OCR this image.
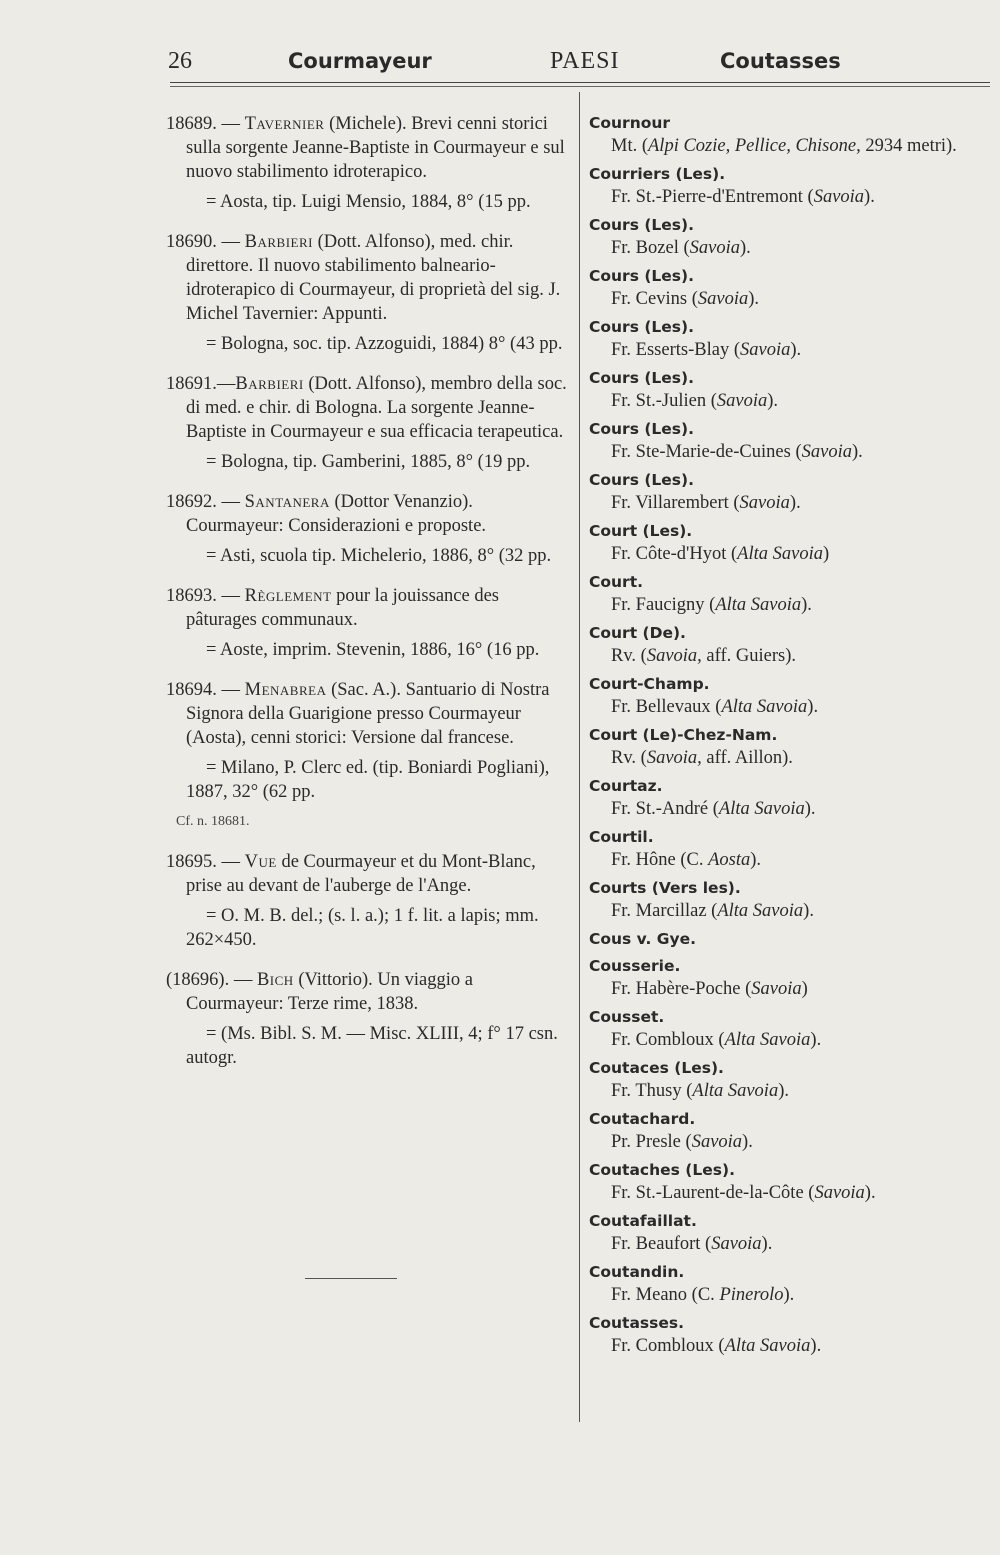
26	Courmayeur	PAESI	Coutasses
18689. — Tavernier (Michele). Brevi cenni storici sulla sorgente Jeanne-Baptiste in Courmayeur e sul nuovo stabilimento idroterapico.
= Aosta, tip. Luigi Mensio, 1884, 8° (15 pp.
18690. — Barbieri (Dott. Alfonso), med. chir. direttore. Il nuovo stabilimento balneario-idroterapico di Courmayeur, di proprietà del sig. J. Michel Tavernier: Appunti.
= Bologna, soc. tip. Azzoguidi, 1884) 8° (43 pp.
18691.—Barbieri (Dott. Alfonso), membro della soc. di med. e chir. di Bologna. La sorgente Jeanne-Baptiste in Courmayeur e sua efficacia terapeutica.
= Bologna, tip. Gamberini, 1885, 8° (19 pp.
18692. — Santanera (Dottor Venanzio). Courmayeur: Considerazioni e proposte.
= Asti, scuola tip. Michelerio, 1886, 8° (32 pp.
18693. — Règlement pour la jouissance des pâturages communaux.
= Aoste, imprim. Stevenin, 1886, 16° (16 pp.
18694. — Menabrea (Sac. A.). Santuario di Nostra Signora della Guarigione presso Courmayeur (Aosta), cenni storici: Versione dal francese.
= Milano, P. Clerc ed. (tip. Boniardi Pogliani), 1887, 32° (62 pp.
Cf. n. 18681.
18695. — Vue de Courmayeur et du Mont-Blanc, prise au devant de l'auberge de l'Ange.
= O. M. B. del.; (s. l. a.); 1 f. lit. a lapis; mm. 262×450.
(18696). — Bich (Vittorio). Un viaggio a Courmayeur: Terze rime, 1838.
= (Ms. Bibl. S. M. — Misc. XLIII, 4; f° 17 csn. autogr.
Cournour
Mt. (Alpi Cozie, Pellice, Chisone, 2934 metri).
Courriers (Les).
Fr. St.-Pierre-d'Entremont (Savoia).
Cours (Les).
Fr. Bozel (Savoia).
Cours (Les).
Fr. Cevins (Savoia).
Cours (Les).
Fr. Esserts-Blay (Savoia).
Cours (Les).
Fr. St.-Julien (Savoia).
Cours (Les).
Fr. Ste-Marie-de-Cuines (Savoia).
Cours (Les).
Fr. Villarembert (Savoia).
Court (Les).
Fr. Côte-d'Hyot (Alta Savoia)
Court.
Fr. Faucigny (Alta Savoia).
Court (De).
Rv. (Savoia, aff. Guiers).
Court-Champ.
Fr. Bellevaux (Alta Savoia).
Court (Le)-Chez-Nam.
Rv. (Savoia, aff. Aillon).
Courtaz.
Fr. St.-André (Alta Savoia).
Courtil.
Fr. Hône (C. Aosta).
Courts (Vers les).
Fr. Marcillaz (Alta Savoia).
Cous v. Gye.
Cousserie.
Fr. Habère-Poche (Savoia)
Cousset.
Fr. Combloux (Alta Savoia).
Coutaces (Les).
Fr. Thusy (Alta Savoia).
Coutachard.
Pr. Presle (Savoia).
Coutaches (Les).
Fr. St.-Laurent-de-la-Côte (Savoia).
Coutafaillat.
Fr. Beaufort (Savoia).
Coutandin.
Fr. Meano (C. Pinerolo).
Coutasses.
Fr. Combloux (Alta Savoia).
